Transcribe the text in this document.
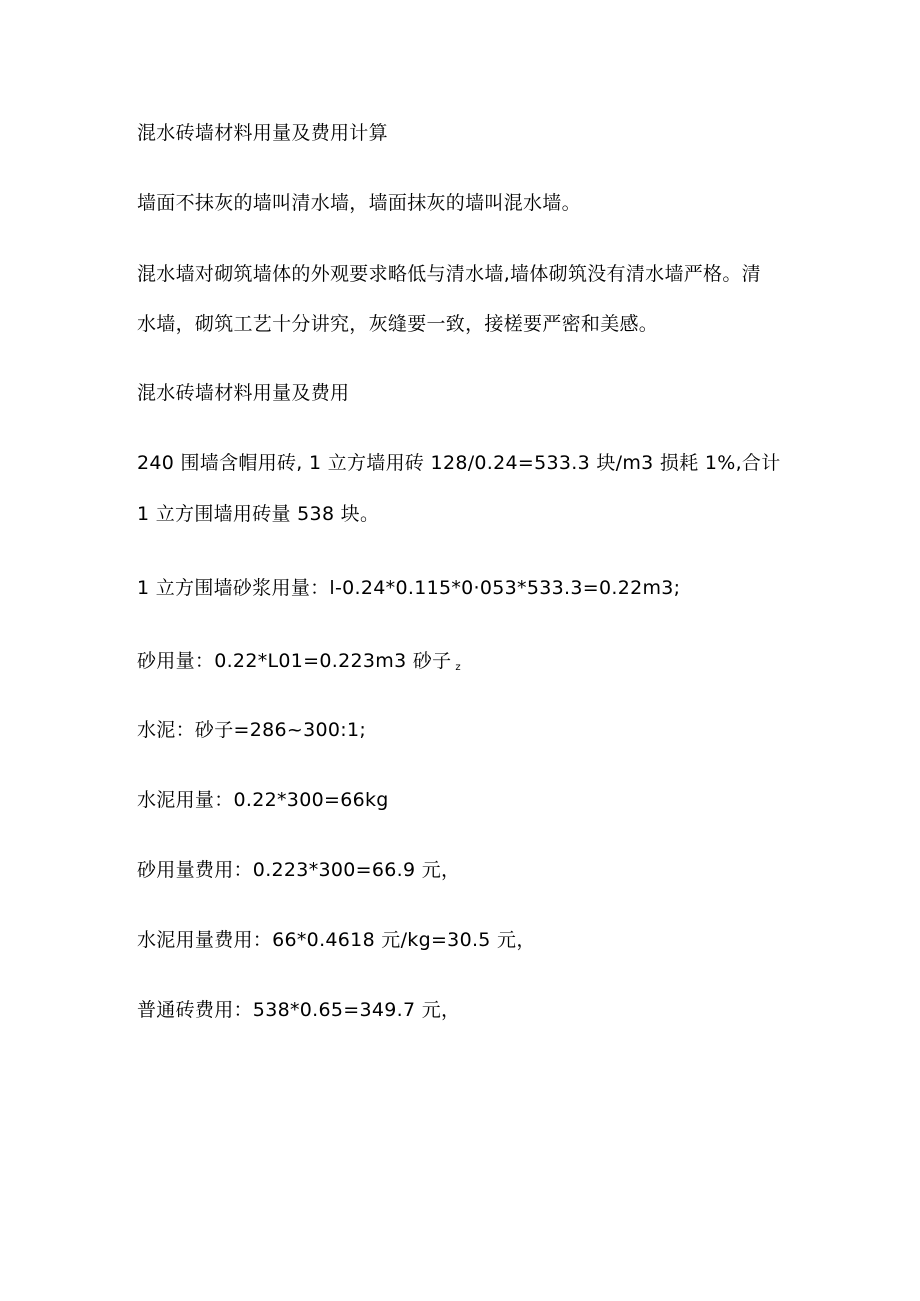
混水砖墙材料用量及费用计算
墙面不抹灰的墙叫清水墙，墙面抹灰的墙叫混水墙。
混水墙对砌筑墙体的外观要求略低与清水墙,墙体砌筑没有清水墙严格。清
水墙，砌筑工艺十分讲究，灰缝要一致，接槎要严密和美感。
混水砖墙材料用量及费用
240 围墙含帽用砖, 1 立方墙用砖 128/0.24=533.3 块/m3 损耗 1%,合计
1 立方围墙用砖量 538 块。
1 立方围墙砂浆用量：l-0.24*0.115*0·053*533.3=0.22m3;
砂用量：0.22*L01=0.223m3 砂子 $_z$
水泥：砂子=286~300:1;
水泥用量：0.22*300=66kg
砂用量费用：0.223*300=66.9 元，
水泥用量费用：66*0.4618 元/kg=30.5 元，
普通砖费用：538*0.65=349.7 元，
